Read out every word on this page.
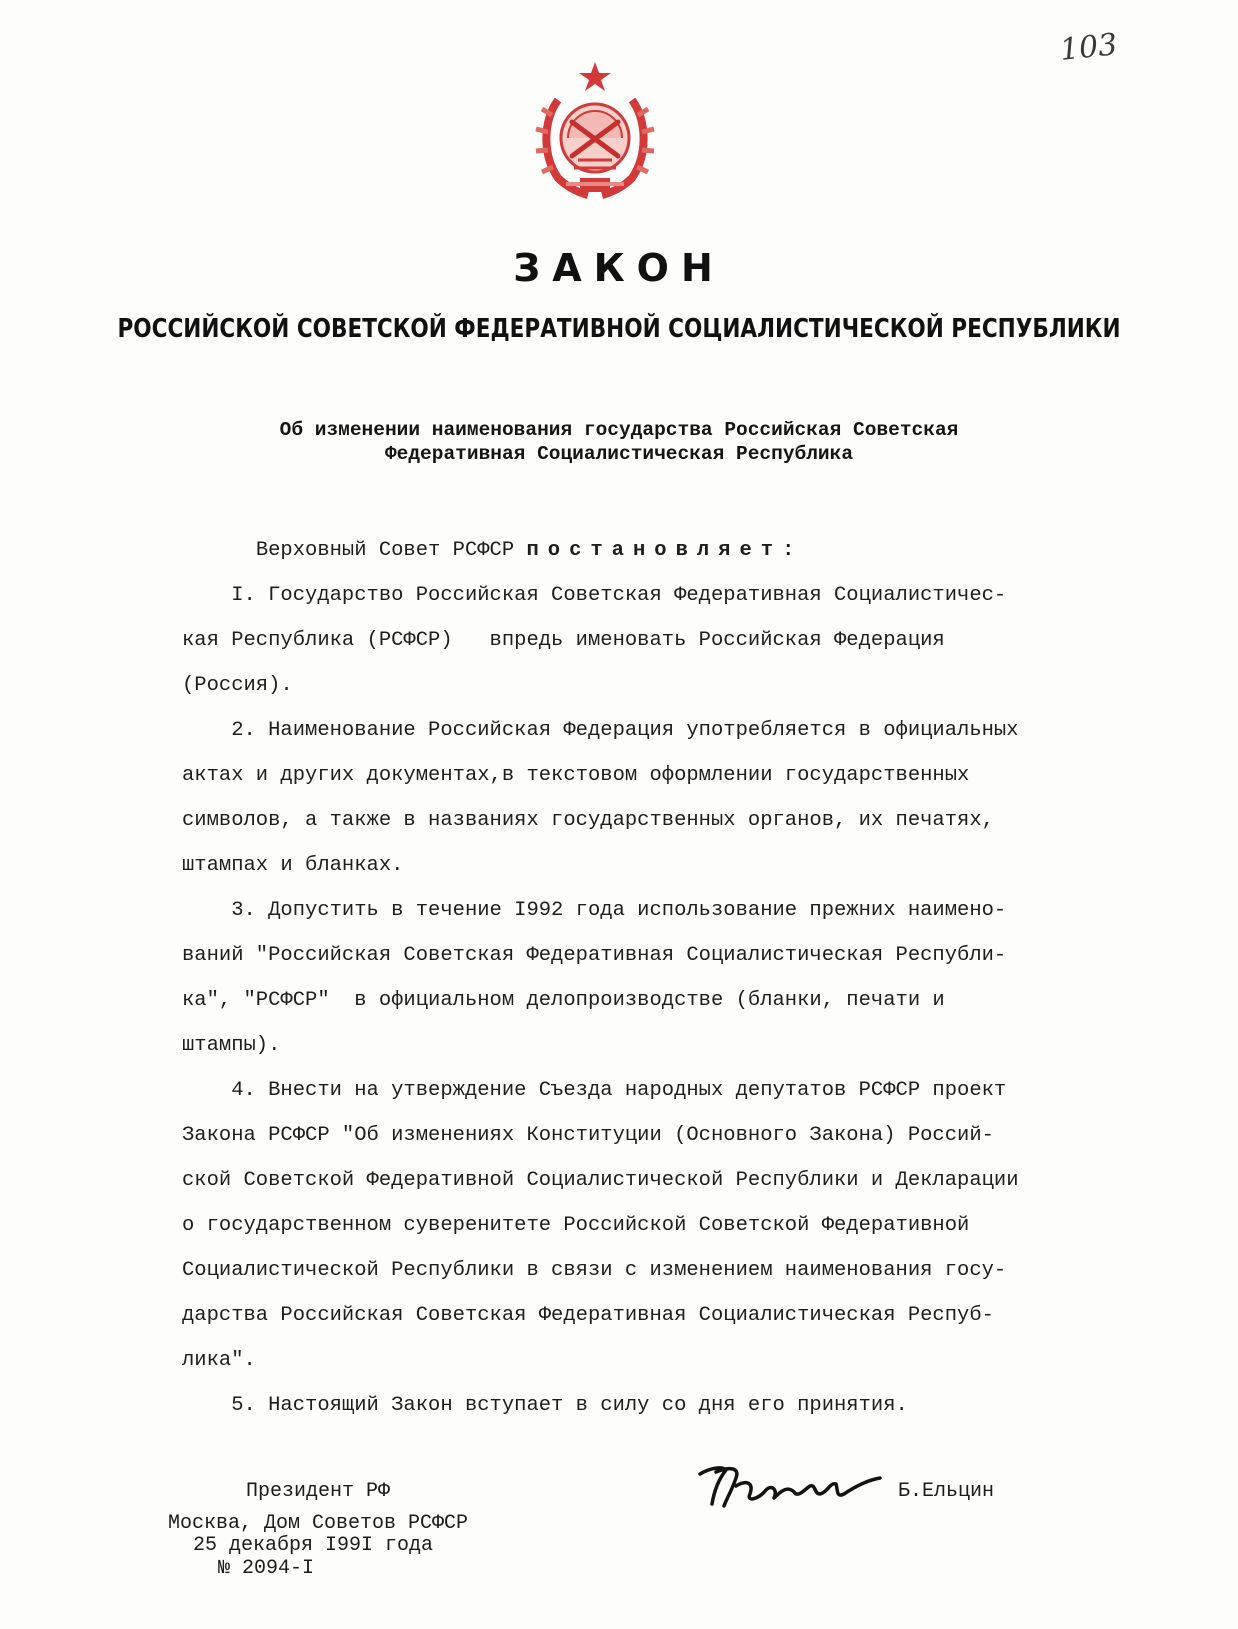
103
ЗАКОН
РОССИЙСКОЙ СОВЕТСКОЙ ФЕДЕРАТИВНОЙ СОЦИАЛИСТИЧЕСКОЙ РЕСПУБЛИКИ
Об изменении наименования государства Российская Советская
Федеративная Социалистическая Республика
Верховный Совет РСФСР постановляет:
I. Государство Российская Советская Федеративная Социалистичес-
кая Республика (РСФСР)   впредь именовать Российская Федерация
(Россия).
2. Наименование Российская Федерация употребляется в официальных
актах и других документах,в текстовом оформлении государственных
символов, а также в названиях государственных органов, их печатях,
штампах и бланках.
3. Допустить в течение I992 года использование прежних наимено-
ваний "Российская Советская Федеративная Социалистическая Республи-
ка", "РСФСР"  в официальном делопроизводстве (бланки, печати и
штампы).
4. Внести на утверждение Съезда народных депутатов РСФСР проект
Закона РСФСР "Об изменениях Конституции (Основного Закона) Россий-
ской Советской Федеративной Социалистической Республики и Декларации
о государственном суверенитете Российской Советской Федеративной
Социалистической Республики в связи с изменением наименования госу-
дарства Российская Советская Федеративная Социалистическая Респуб-
лика".
5. Настоящий Закон вступает в силу со дня его принятия.
Президент РФ	Б.Ельцин
Москва, Дом Советов РСФСР
25 декабря I99I года
№ 2094-I
